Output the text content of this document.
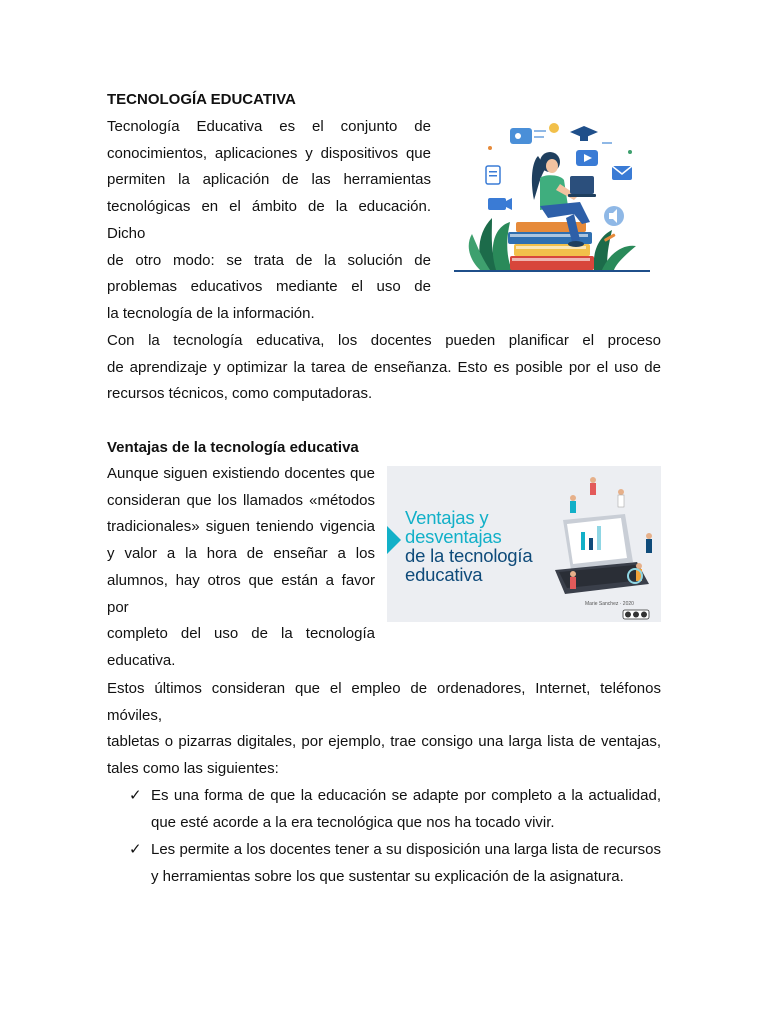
TECNOLOGÍA EDUCATIVA
Tecnología Educativa es el conjunto de
conocimientos, aplicaciones y dispositivos que
permiten la aplicación de las herramientas
tecnológicas en el ámbito de la educación. Dicho
de otro modo: se trata de la solución de
problemas educativos mediante el uso de
la tecnología de la información.
Con la tecnología educativa, los docentes pueden planificar el proceso
de aprendizaje y optimizar la tarea de enseñanza. Esto es posible por el uso de
recursos técnicos, como computadoras.
Ventajas de la tecnología educativa
Aunque siguen existiendo docentes que
consideran que los llamados «métodos
tradicionales» siguen teniendo vigencia
y valor a la hora de enseñar a los
alumnos, hay otros que están a favor por
completo del uso de la tecnología
educativa.
Ventajas y
desventajas
de la tecnología
educativa
Marie Sanchez · 2020
Estos últimos consideran que el empleo de ordenadores, Internet, teléfonos móviles,
tabletas o pizarras digitales, por ejemplo, trae consigo una larga lista de ventajas,
tales como las siguientes:
✓ Es una forma de que la educación se adapte por completo a la actualidad,
que esté acorde a la era tecnológica que nos ha tocado vivir.
✓ Les permite a los docentes tener a su disposición una larga lista de recursos
y herramientas sobre los que sustentar su explicación de la asignatura.
